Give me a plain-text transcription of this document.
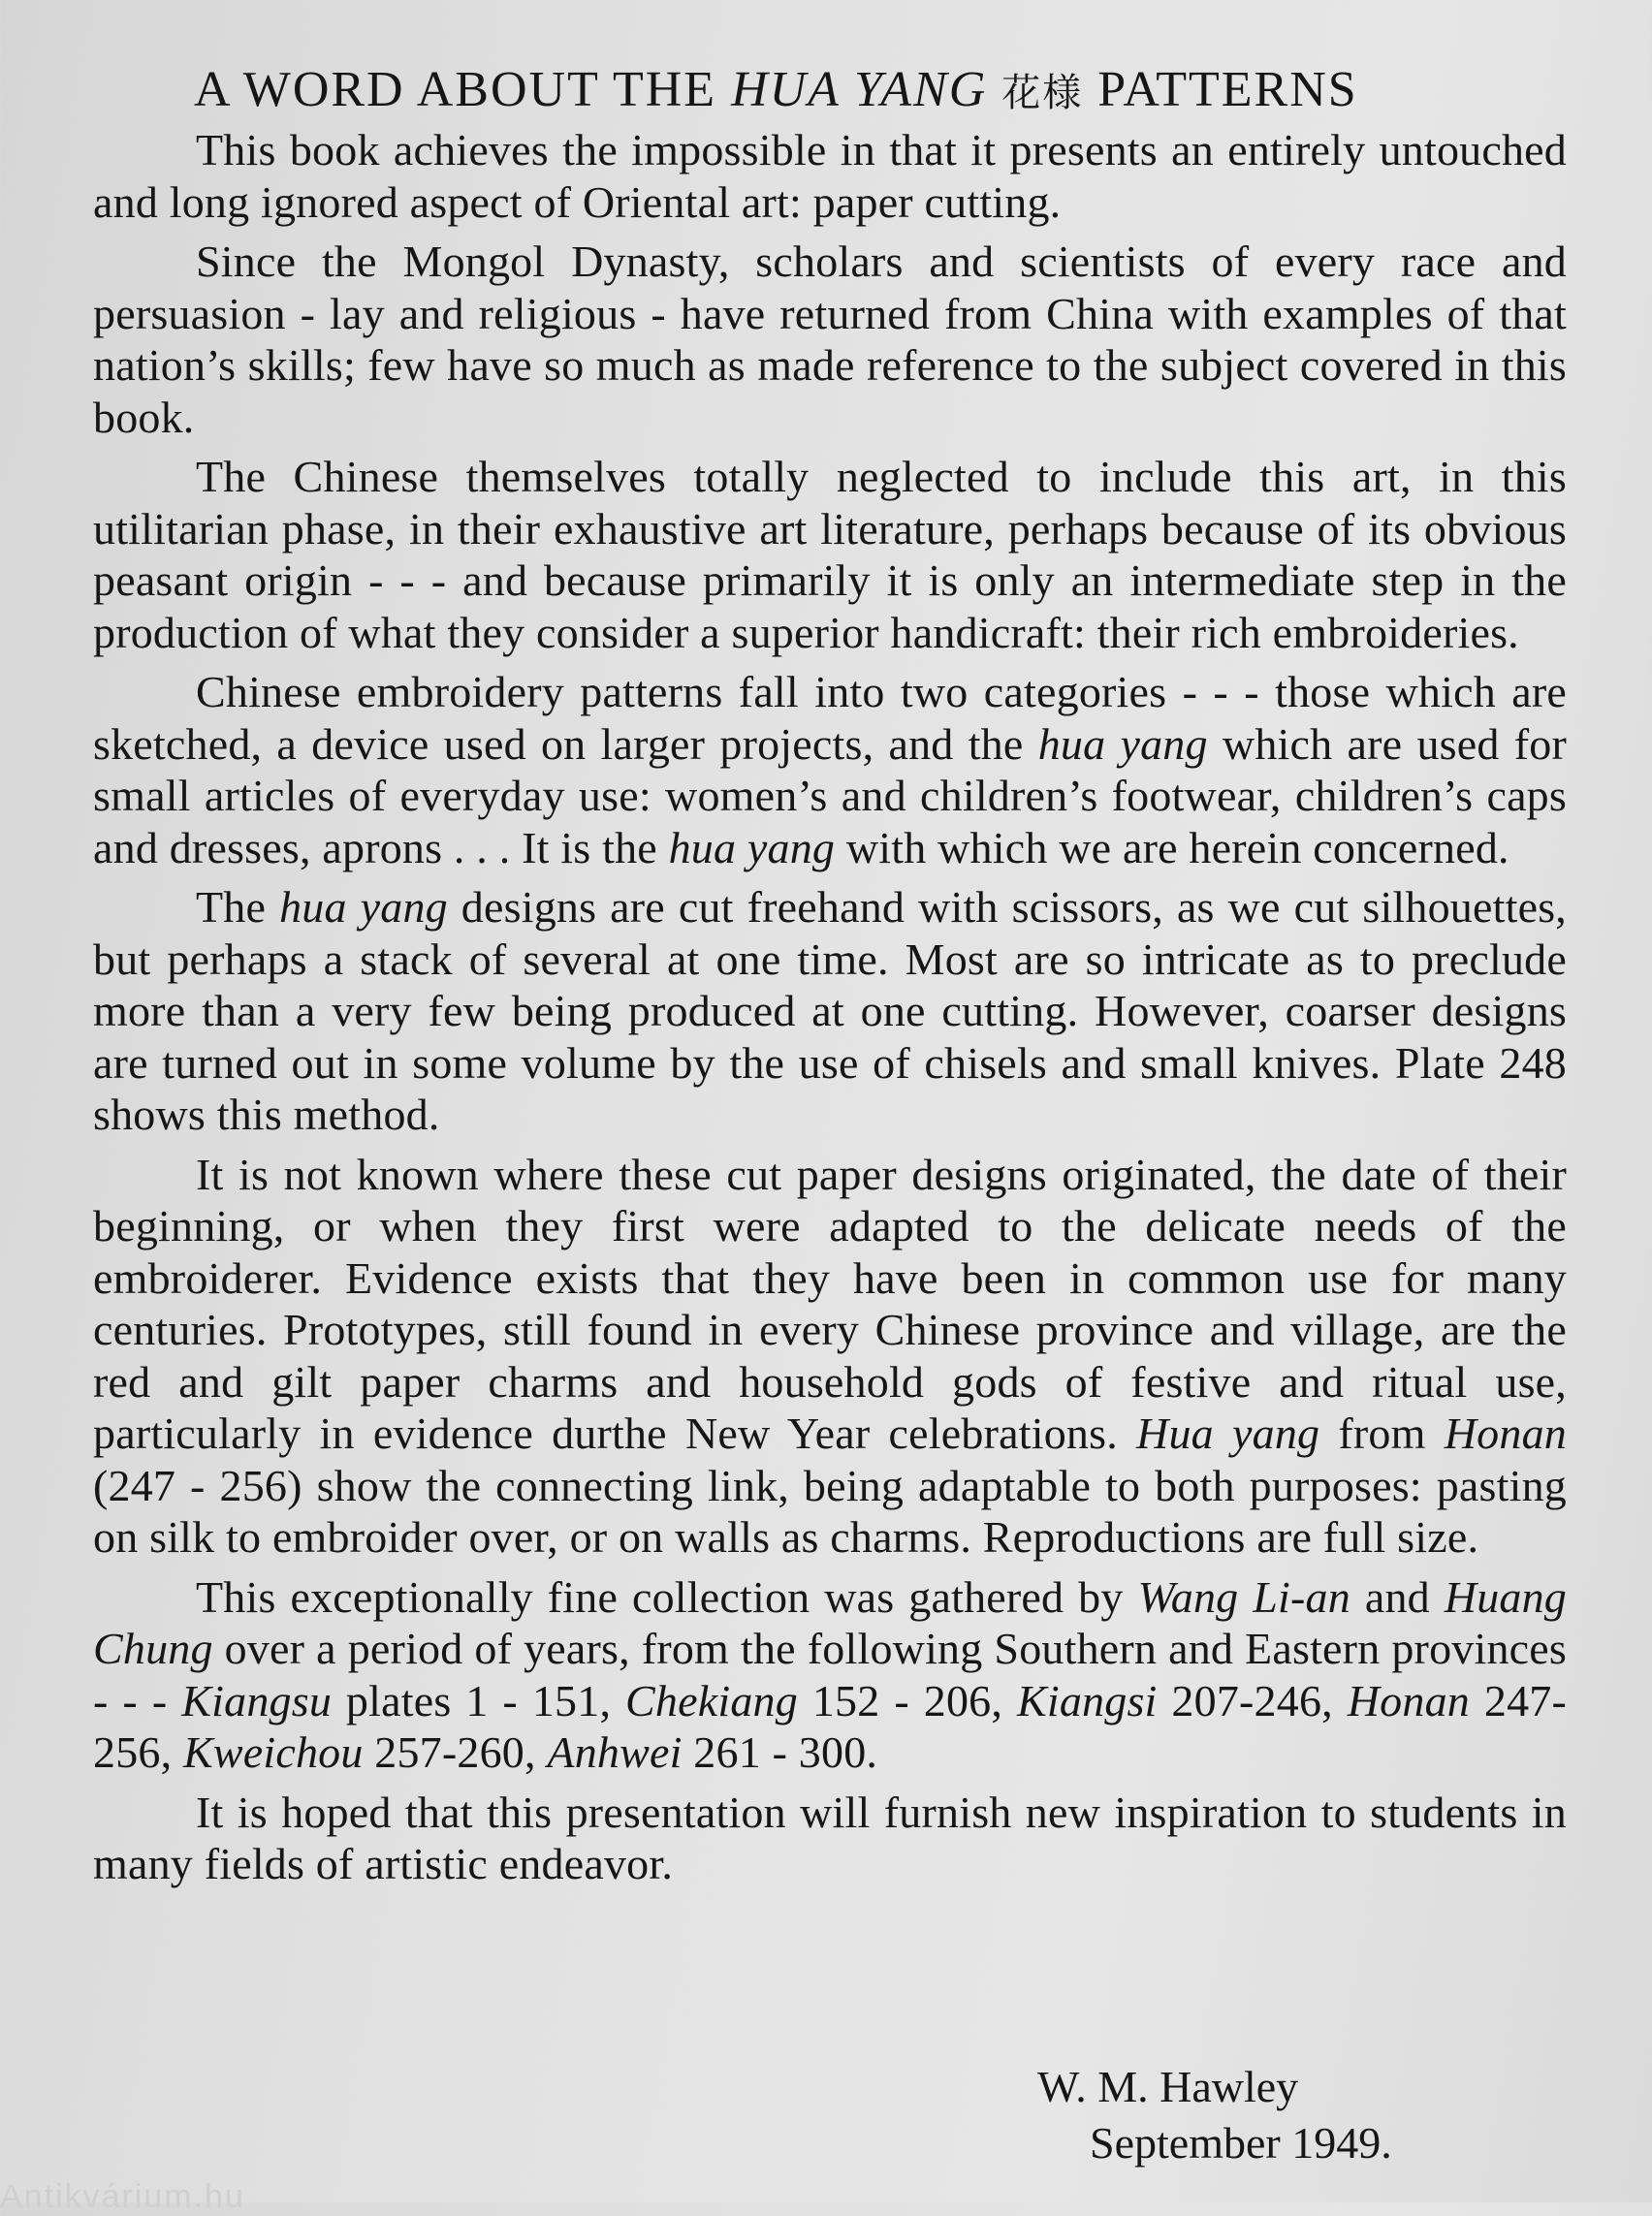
A WORD ABOUT THE HUA YANG 花様 PATTERNS

This book achieves the impossible in that it presents an entirely untouched and long ignored aspect of Oriental art: paper cutting.

Since the Mongol Dynasty, scholars and scientists of every race and persuasion - lay and religious - have returned from China with examples of that nation’s skills; few have so much as made reference to the subject covered in this book.

The Chinese themselves totally neglected to include this art, in this utilitarian phase, in their exhaustive art literature, perhaps because of its obvious peasant origin - - - and because primarily it is only an intermediate step in the production of what they consider a superior handicraft: their rich embroideries.

Chinese embroidery patterns fall into two categories - - - those which are sketched, a device used on larger projects, and the hua yang which are used for small articles of everyday use: women’s and children’s footwear, children’s caps and dresses, aprons . . . It is the hua yang with which we are herein concerned.

The hua yang designs are cut freehand with scissors, as we cut silhouettes, but perhaps a stack of several at one time. Most are so intricate as to preclude more than a very few being produced at one cutting. However, coarser designs are turned out in some volume by the use of chisels and small knives. Plate 248 shows this method.

It is not known where these cut paper designs originated, the date of their beginning, or when they first were adapted to the delicate needs of the embroiderer. Evidence exists that they have been in common use for many centuries. Prototypes, still found in every Chinese province and village, are the red and gilt paper charms and household gods of festive and ritual use, particularly in evidence durthe New Year celebrations. Hua yang from Honan (247 - 256) show the connecting link, being adaptable to both purposes: pasting on silk to embroider over, or on walls as charms. Reproductions are full size.

This exceptionally fine collection was gathered by Wang Li-an and Huang Chung over a period of years, from the following Southern and Eastern provinces - - - Kiangsu plates 1 - 151, Chekiang 152 - 206, Kiangsi 207-246, Honan 247-256, Kweichou 257-260, Anhwei 261 - 300.

It is hoped that this presentation will furnish new inspiration to students in many fields of artistic endeavor.

W. M. Hawley
September 1949.
Antikvárium.hu
